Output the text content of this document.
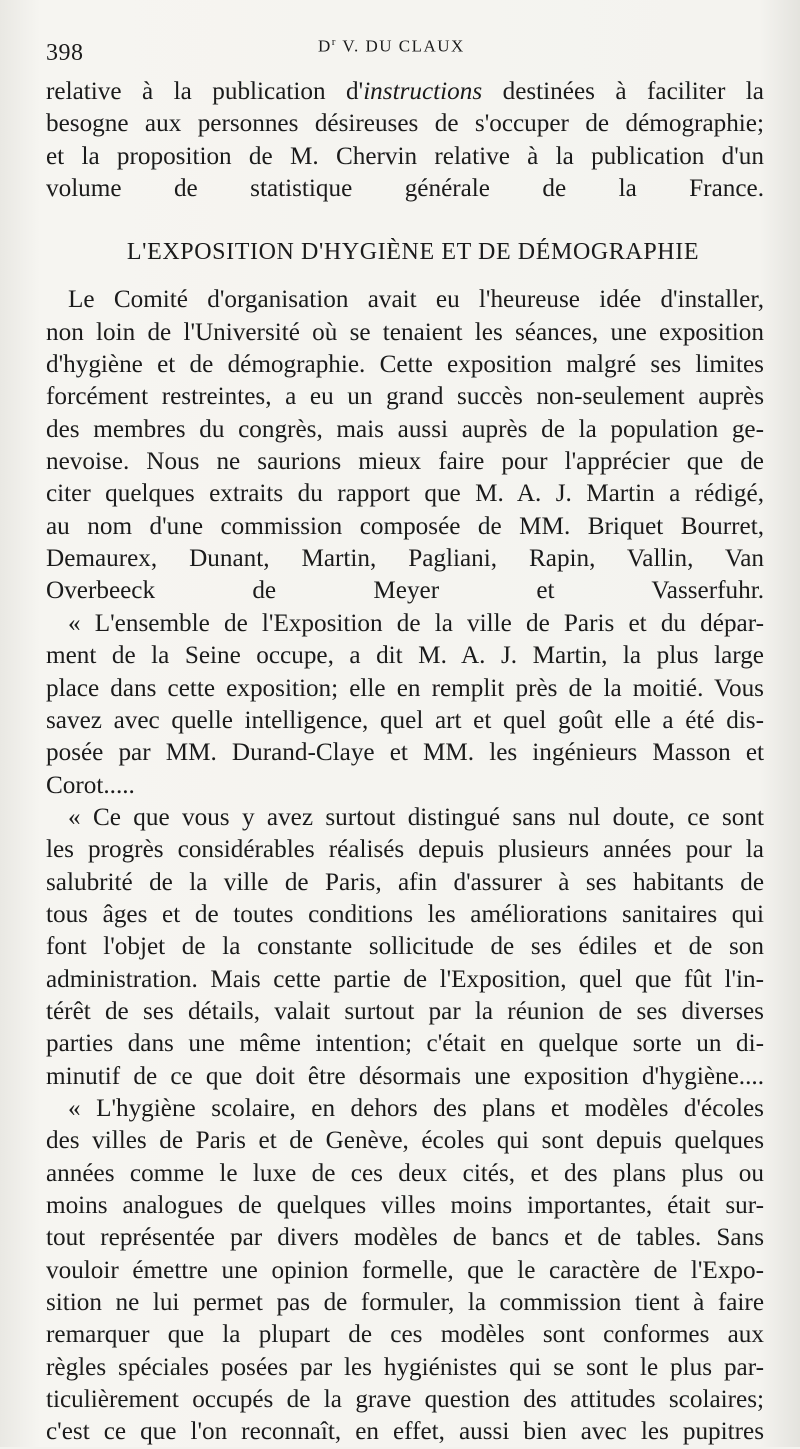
398	$D^r$ V. DU CLAUX
relative à la publication d'instructions destinées à faciliter la
besogne aux personnes désireuses de s'occuper de démographie;
et la proposition de M. Chervin relative à la publication d'un
volume de statistique générale de la France.
L'EXPOSITION D'HYGIÈNE ET DE DÉMOGRAPHIE
Le Comité d'organisation avait eu l'heureuse idée d'installer,
non loin de l'Université où se tenaient les séances, une exposition
d'hygiène et de démographie. Cette exposition malgré ses limites
forcément restreintes, a eu un grand succès non-seulement auprès
des membres du congrès, mais aussi auprès de la population ge-
nevoise. Nous ne saurions mieux faire pour l'apprécier que de
citer quelques extraits du rapport que M. A. J. Martin a rédigé,
au nom d'une commission composée de MM. Briquet Bourret,
Demaurex, Dunant, Martin, Pagliani, Rapin, Vallin, Van
Overbeeck de Meyer et Vasserfuhr.
« L'ensemble de l'Exposition de la ville de Paris et du dépar-
ment de la Seine occupe, a dit M. A. J. Martin, la plus large
place dans cette exposition; elle en remplit près de la moitié. Vous
savez avec quelle intelligence, quel art et quel goût elle a été dis-
posée par MM. Durand-Claye et MM. les ingénieurs Masson et
Corot.....
« Ce que vous y avez surtout distingué sans nul doute, ce sont
les progrès considérables réalisés depuis plusieurs années pour la
salubrité de la ville de Paris, afin d'assurer à ses habitants de
tous âges et de toutes conditions les améliorations sanitaires qui
font l'objet de la constante sollicitude de ses édiles et de son
administration. Mais cette partie de l'Exposition, quel que fût l'in-
térêt de ses détails, valait surtout par la réunion de ses diverses
parties dans une même intention; c'était en quelque sorte un di-
minutif de ce que doit être désormais une exposition d'hygiène....
« L'hygiène scolaire, en dehors des plans et modèles d'écoles
des villes de Paris et de Genève, écoles qui sont depuis quelques
années comme le luxe de ces deux cités, et des plans plus ou
moins analogues de quelques villes moins importantes, était sur-
tout représentée par divers modèles de bancs et de tables. Sans
vouloir émettre une opinion formelle, que le caractère de l'Expo-
sition ne lui permet pas de formuler, la commission tient à faire
remarquer que la plupart de ces modèles sont conformes aux
règles spéciales posées par les hygiénistes qui se sont le plus par-
ticulièrement occupés de la grave question des attitudes scolaires;
c'est ce que l'on reconnaît, en effet, aussi bien avec les pupitres
